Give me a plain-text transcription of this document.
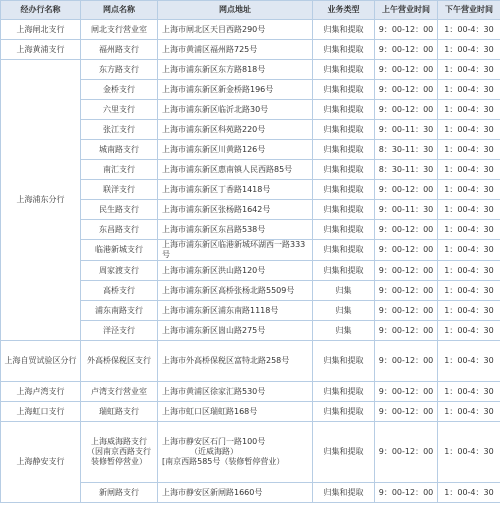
经办行名称	网点名称	网点地址	业务类型	上午营业时间	下午营业时间
上海闸北支行	闸北支行营业室	上海市闸北区天目西路290号	归集和提取	9：00-12：00	1：00-4：30
上海黄浦支行	福州路支行	上海市黄浦区福州路725号	归集和提取	9：00-12：00	1：00-4：30
上海浦东分行	东方路支行	上海市浦东新区东方路818号	归集和提取	9：00-12：00	1：00-4：30
	金桥支行	上海市浦东新区新金桥路196号	归集和提取	9：00-12：00	1：00-4：30
	六里支行	上海市浦东新区临沂北路30号	归集和提取	9：00-12：00	1：00-4：30
	张江支行	上海市浦东新区科苑路220号	归集和提取	9：00-11：30	1：00-4：30
	城南路支行	上海市浦东新区川黄路126号	归集和提取	8：30-11：30	1：00-4：30
	南汇支行	上海市浦东新区惠南镇人民西路85号	归集和提取	8：30-11：30	1：00-4：30
	联洋支行	上海市浦东新区丁香路1418号	归集和提取	9：00-12：00	1：00-4：30
	民生路支行	上海市浦东新区张杨路1642号	归集和提取	9：00-11：30	1：00-4：30
	东昌路支行	上海市浦东新区东昌路538号	归集和提取	9：00-12：00	1：00-4：30
	临港新城支行	上海市浦东新区临港新城环湖西一路333号	归集和提取	9：00-12：00	1：00-4：30
	周家渡支行	上海市浦东新区洪山路120号	归集和提取	9：00-12：00	1：00-4：30
	高桥支行	上海市浦东新区高桥张杨北路5509号	归集	9：00-12：00	1：00-4：30
	浦东南路支行	上海市浦东新区浦东南路1118号	归集	9：00-12：00	1：00-4：30
	洋泾支行	上海市浦东新区崮山路275号	归集	9：00-12：00	1：00-4：30
上海自贸试验区分行	外高桥保税区支行	上海市外高桥保税区富特北路258号	归集和提取	9：00-12：00	1：00-4：30
上海卢湾支行	卢湾支行营业室	上海市黄浦区徐家汇路530号	归集和提取	9：00-12：00	1：00-4：30
上海虹口支行	瑞虹路支行	上海市虹口区瑞虹路168号	归集和提取	9：00-12：00	1：00-4：30
上海静安支行	上海威海路支行
（因南京西路支行
装修暂停营业）	上海市静安区石门一路100号
（近威海路）
[南京西路585号（装修暂停营业）	归集和提取	9：00-12：00	1：00-4：30
	新闸路支行	上海市静安区新闸路1660号	归集和提取	9：00-12：00	1：00-4：30
